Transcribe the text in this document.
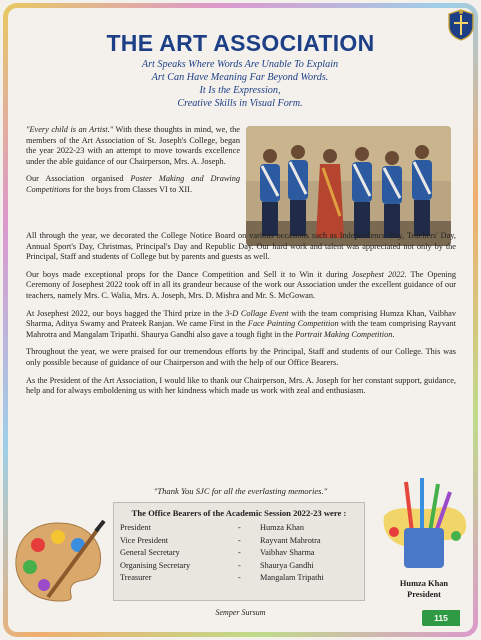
THE ART ASSOCIATION
Art Speaks Where Words Are Unable To Explain
Art Can Have Meaning Far Beyond Words.
It Is the Expression,
Creative Skills in Visual Form.

"Every child is an Artist." With these thoughts in mind, we, the members of the Art Association of St. Joseph's College, began the year 2022-23 with an attempt to move towards excellence under the able guidance of our Chairperson, Mrs. A. Joseph.

Our Association organised Poster Making and Drawing Competitions for the boys from Classes VI to XII.

All through the year, we decorated the College Notice Board on various occasions such as Independence Day, Teachers' Day, Annual Sport's Day, Christmas, Principal's Day and Republic Day. Our hard work and talent was appreciated not only by the Principal, Staff and students of College but by parents and guests as well.

Our boys made exceptional props for the Dance Competition and Sell it to Win it during Josephest 2022. The Opening Ceremony of Josephest 2022 took off in all its grandeur because of the work our Association under the excellent guidance of our teachers, namely Mrs. C. Walia, Mrs. A. Joseph, Mrs. D. Mishra and Mr. S. McGowan.

At Josephest 2022, our boys bagged the Third prize in the 3-D Collage Event with the team comprising Humza Khan, Vaibhav Sharma, Aditya Swamy and Prateek Ranjan. We came First in the Face Painting Competition with the team comprising Rayvant Mahrotra and Mangalam Tripathi. Shaurya Gandhi also gave a tough fight in the Portrait Making Competition.

Throughout the year, we were praised for our tremendous efforts by the Principal, Staff and students of our College. This was only possible because of guidance of our Chairperson and with the help of our Office Bearers.

As the President of the Art Association, I would like to thank our Chairperson, Mrs. A. Joseph for her constant support, guidance, help and for always emboldening us with her kindness which made us work with zeal and enthusiasm.

"Thank You SJC for all the everlasting memories."
The Office Bearers of the Academic Session 2022-23 were :
President	-	Humza Khan
Vice President	-	Rayvant Mahrotra
General Secretary	-	Vaibhav Sharma
Organising Secretary	-	Shaurya Gandhi
Treasurer	-	Mangalam Tripathi
Humza Khan
President
Semper Sursum
115
